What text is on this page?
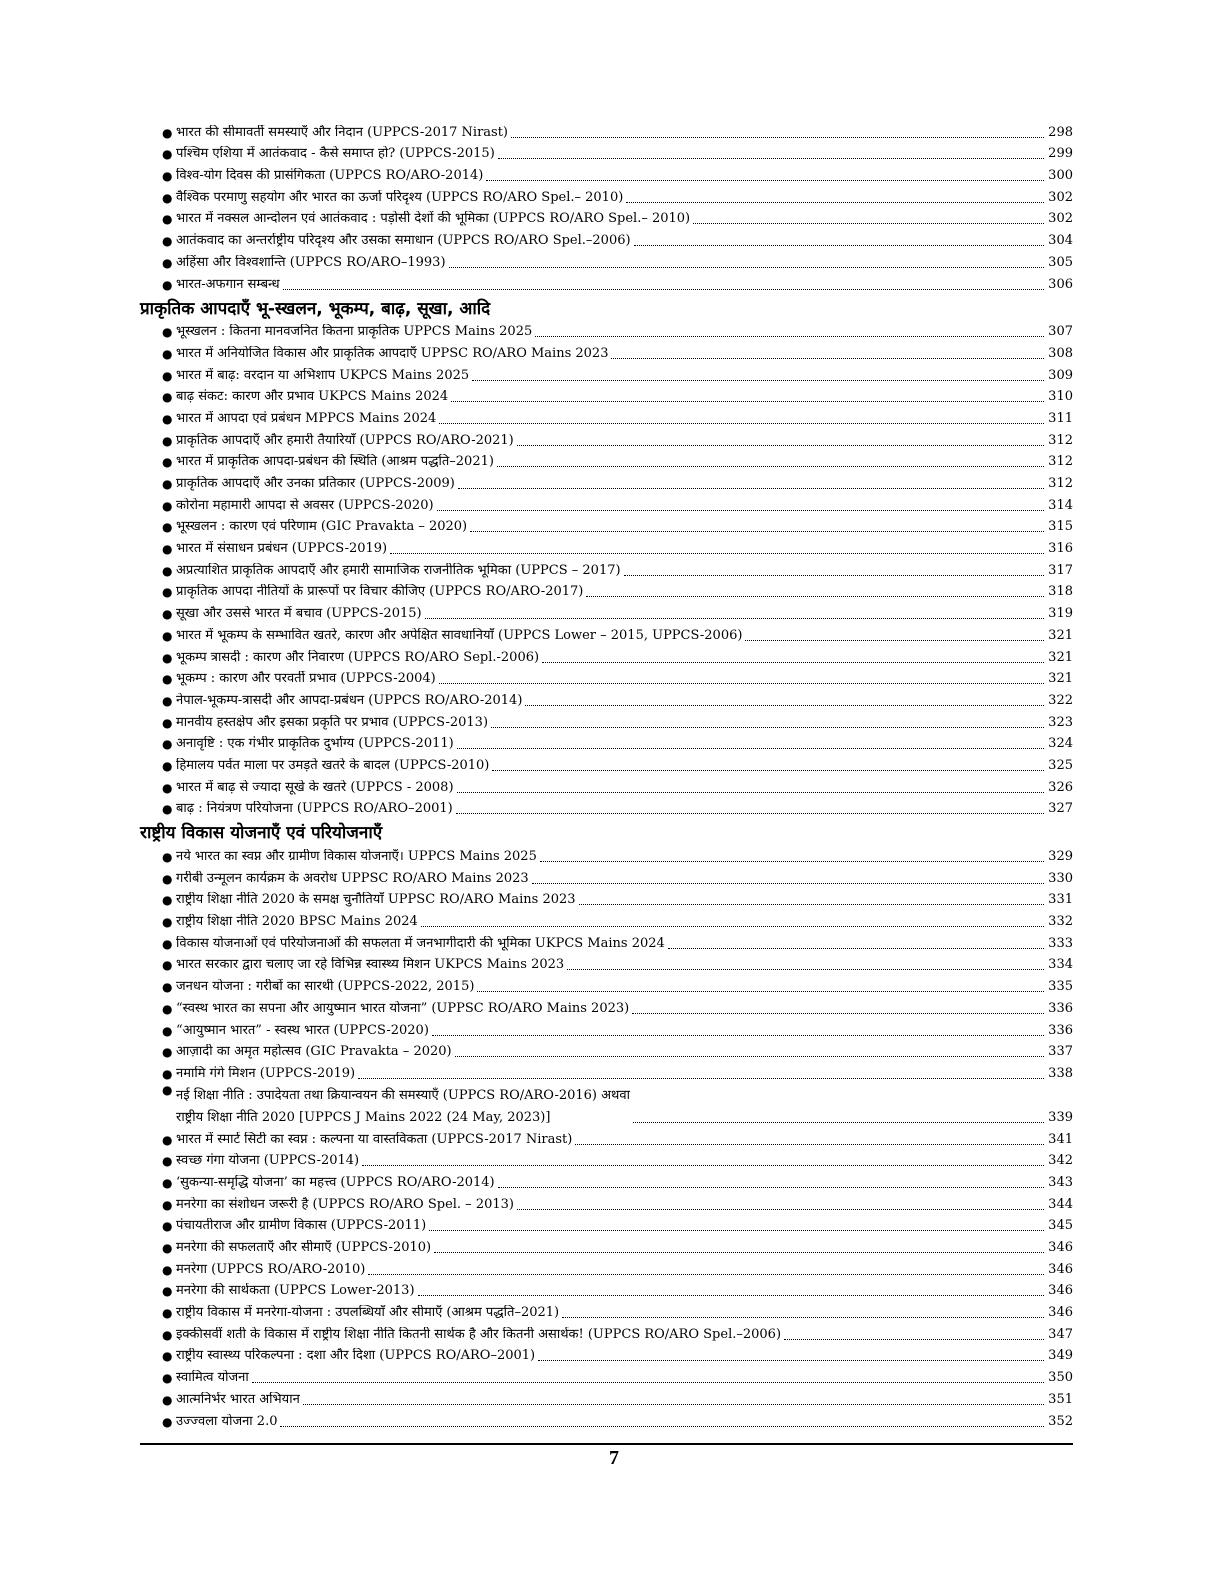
● भारत की सीमावर्ती समस्याएँ और निदान (UPPCS-2017 Nirast)	298
● पश्चिम एशिया में आतंकवाद - कैसे समाप्त हो? (UPPCS-2015)	299
● विश्व-योग दिवस की प्रासंगिकता (UPPCS RO/ARO-2014)	300
● वैश्विक परमाणु सहयोग और भारत का ऊर्जा परिदृश्य (UPPCS RO/ARO Spel.– 2010)	302
● भारत में नक्सल आन्दोलन एवं आतंकवाद : पड़ोसी देशों की भूमिका (UPPCS RO/ARO Spel.– 2010)	302
● आतंकवाद का अन्तर्राष्ट्रीय परिदृश्य और उसका समाधान (UPPCS RO/ARO Spel.–2006)	304
● अहिंसा और विश्वशान्ति (UPPCS RO/ARO–1993)	305
● भारत-अफगान सम्बन्ध	306
प्राकृतिक आपदाएँ भू-स्खलन, भूकम्प, बाढ़, सूखा, आदि
● भूस्खलन : कितना मानवजनित कितना प्राकृतिक UPPCS Mains 2025	307
● भारत में अनियोजित विकास और प्राकृतिक आपदाएँ UPPSC RO/ARO Mains 2023	308
● भारत में बाढ़: वरदान या अभिशाप UKPCS Mains 2025	309
● बाढ़ संकट: कारण और प्रभाव UKPCS Mains 2024	310
● भारत में आपदा एवं प्रबंधन MPPCS Mains 2024	311
● प्राकृतिक आपदाएँ और हमारी तैयारियाँ (UPPCS RO/ARO-2021)	312
● भारत में प्राकृतिक आपदा-प्रबंधन की स्थिति (आश्रम पद्धति–2021)	312
● प्राकृतिक आपदाएँ और उनका प्रतिकार (UPPCS-2009)	312
● कोरोना महामारी आपदा से अवसर (UPPCS-2020)	314
● भूस्खलन : कारण एवं परिणाम (GIC Pravakta – 2020)	315
● भारत में संसाधन प्रबंधन (UPPCS-2019)	316
● अप्रत्याशित प्राकृतिक आपदाएँ और हमारी सामाजिक राजनीतिक भूमिका (UPPCS – 2017)	317
● प्राकृतिक आपदा नीतियों के प्रारूपों पर विचार कीजिए (UPPCS RO/ARO-2017)	318
● सूखा और उससे भारत में बचाव (UPPCS-2015)	319
● भारत में भूकम्प के सम्भावित खतरे, कारण और अपेक्षित सावधानियाँ (UPPCS Lower – 2015, UPPCS-2006)	321
● भूकम्प त्रासदी : कारण और निवारण (UPPCS RO/ARO Sepl.-2006)	321
● भूकम्प : कारण और परवर्ती प्रभाव (UPPCS-2004)	321
● नेपाल-भूकम्प-त्रासदी और आपदा-प्रबंधन (UPPCS RO/ARO-2014)	322
● मानवीय हस्तक्षेप और इसका प्रकृति पर प्रभाव (UPPCS-2013)	323
● अनावृष्टि : एक गंभीर प्राकृतिक दुर्भाग्य (UPPCS-2011)	324
● हिमालय पर्वत माला पर उमड़ते खतरे के बादल (UPPCS-2010)	325
● भारत में बाढ़ से ज्यादा सूखे के खतरे (UPPCS - 2008)	326
● बाढ़ : नियंत्रण परियोजना (UPPCS RO/ARO–2001)	327
राष्ट्रीय विकास योजनाएँ एवं परियोजनाएँ
● नये भारत का स्वप्न और ग्रामीण विकास योजनाएँ। UPPCS Mains 2025	329
● गरीबी उन्मूलन कार्यक्रम के अवरोध UPPSC RO/ARO Mains 2023	330
● राष्ट्रीय शिक्षा नीति 2020 के समक्ष चुनौतियाँ UPPSC RO/ARO Mains 2023	331
● राष्ट्रीय शिक्षा नीति 2020 BPSC Mains 2024	332
● विकास योजनाओं एवं परियोजनाओं की सफलता में जनभागीदारी की भूमिका UKPCS Mains 2024	333
● भारत सरकार द्वारा चलाए जा रहे विभिन्न स्वास्थ्य मिशन UKPCS Mains 2023	334
● जनधन योजना : गरीबों का सारथी (UPPCS-2022, 2015)	335
● “स्वस्थ भारत का सपना और आयुष्मान भारत योजना” (UPPSC RO/ARO Mains 2023)	336
● “आयुष्मान भारत” - स्वस्थ भारत (UPPCS-2020)	336
● आज़ादी का अमृत महोत्सव (GIC Pravakta – 2020)	337
● नमामि गंगे मिशन (UPPCS-2019)	338
● नई शिक्षा नीति : उपादेयता तथा क्रियान्वयन की समस्याएँ (UPPCS RO/ARO-2016) अथवा
राष्ट्रीय शिक्षा नीति 2020 [UPPCS J Mains 2022 (24 May, 2023)]	339
● भारत में स्मार्ट सिटी का स्वप्न : कल्पना या वास्तविकता (UPPCS-2017 Nirast)	341
● स्वच्छ गंगा योजना (UPPCS-2014)	342
● ‘सुकन्या-समृद्धि योजना’ का महत्त्व (UPPCS RO/ARO-2014)	343
● मनरेगा का संशोधन जरूरी है (UPPCS RO/ARO Spel. – 2013)	344
● पंचायतीराज और ग्रामीण विकास (UPPCS-2011)	345
● मनरेगा की सफलताएँ और सीमाएँ (UPPCS-2010)	346
● मनरेगा (UPPCS RO/ARO-2010)	346
● मनरेगा की सार्थकता (UPPCS Lower-2013)	346
● राष्ट्रीय विकास में मनरेगा-योजना : उपलब्धियाँ और सीमाएँ (आश्रम पद्धति–2021)	346
● इक्कीसवीं शती के विकास में राष्ट्रीय शिक्षा नीति कितनी सार्थक है और कितनी असार्थक! (UPPCS RO/ARO Spel.–2006)	347
● राष्ट्रीय स्वास्थ्य परिकल्पना : दशा और दिशा (UPPCS RO/ARO–2001)	349
● स्वामित्व योजना	350
● आत्मनिर्भर भारत अभियान	351
● उज्ज्वला योजना 2.0	352
7
